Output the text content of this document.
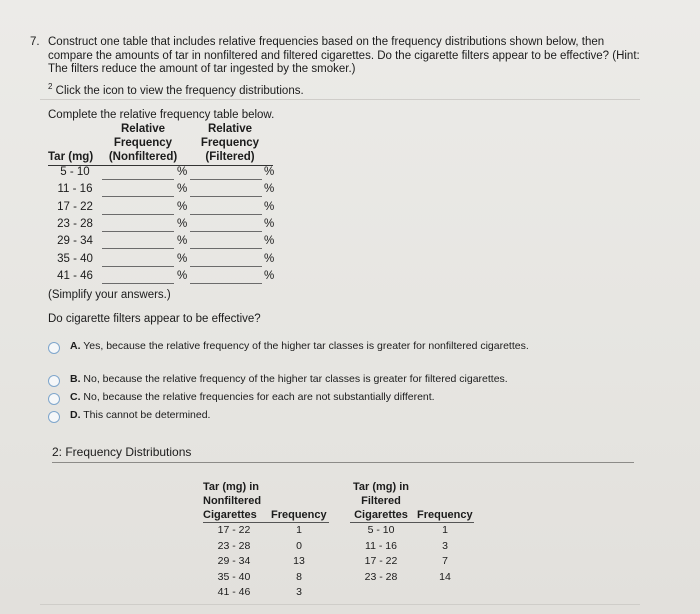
7. Construct one table that includes relative frequencies based on the frequency distributions shown below, then compare the amounts of tar in nonfiltered and filtered cigarettes. Do the cigarette filters appear to be effective? (Hint: The filters reduce the amount of tar ingested by the smoker.)
$^2$ Click the icon to view the frequency distributions.
Complete the relative frequency table below.
Relative
Frequency
(Nonfiltered)
Relative
Frequency
(Filtered)
Tar (mg)
5 - 10	%	%
11 - 16	%	%
17 - 22	%	%
23 - 28	%	%
29 - 34	%	%
35 - 40	%	%
41 - 46	%	%
(Simplify your answers.)
Do cigarette filters appear to be effective?
A. Yes, because the relative frequency of the higher tar classes is greater for nonfiltered cigarettes.
B. No, because the relative frequency of the higher tar classes is greater for filtered cigarettes.
C. No, because the relative frequencies for each are not substantially different.
D. This cannot be determined.
2: Frequency Distributions
Tar (mg) in
Nonfiltered
Cigarettes	Frequency
17 - 22	1
23 - 28	0
29 - 34	13
35 - 40	8
41 - 46	3
Tar (mg) in
Filtered
Cigarettes Frequency
5 - 10	1
11 - 16	3
17 - 22	7
23 - 28	14
